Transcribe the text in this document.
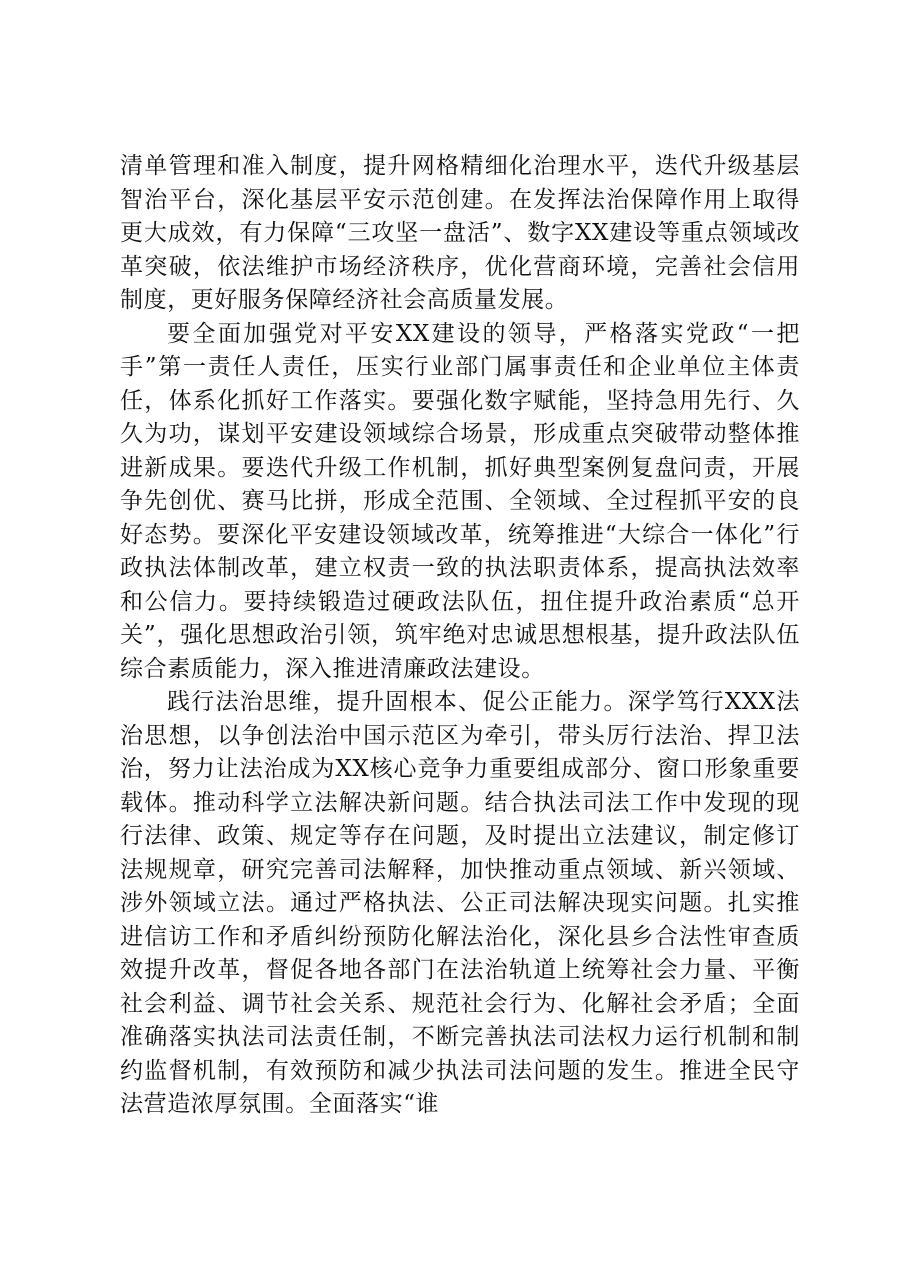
清单管理和准入制度，提升网格精细化治理水平，迭代升级基层智治平台，深化基层平安示范创建。在发挥法治保障作用上取得更大成效，有力保障“三攻坚一盘活”、数字XX建设等重点领域改革突破，依法维护市场经济秩序，优化营商环境，完善社会信用制度，更好服务保障经济社会高质量发展。

要全面加强党对平安XX建设的领导，严格落实党政“一把手”第一责任人责任，压实行业部门属事责任和企业单位主体责任，体系化抓好工作落实。要强化数字赋能，坚持急用先行、久久为功，谋划平安建设领域综合场景，形成重点突破带动整体推进新成果。要迭代升级工作机制，抓好典型案例复盘问责，开展争先创优、赛马比拼，形成全范围、全领域、全过程抓平安的良好态势。要深化平安建设领域改革，统筹推进“大综合一体化”行政执法体制改革，建立权责一致的执法职责体系，提高执法效率和公信力。要持续锻造过硬政法队伍，扭住提升政治素质“总开关”，强化思想政治引领，筑牢绝对忠诚思想根基，提升政法队伍综合素质能力，深入推进清廉政法建设。

践行法治思维，提升固根本、促公正能力。深学笃行XXX法治思想，以争创法治中国示范区为牵引，带头厉行法治、捍卫法治，努力让法治成为XX核心竞争力重要组成部分、窗口形象重要载体。推动科学立法解决新问题。结合执法司法工作中发现的现行法律、政策、规定等存在问题，及时提出立法建议，制定修订法规规章，研究完善司法解释，加快推动重点领域、新兴领域、涉外领域立法。通过严格执法、公正司法解决现实问题。扎实推进信访工作和矛盾纠纷预防化解法治化，深化县乡合法性审查质效提升改革，督促各地各部门在法治轨道上统筹社会力量、平衡社会利益、调节社会关系、规范社会行为、化解社会矛盾；全面准确落实执法司法责任制，不断完善执法司法权力运行机制和制约监督机制，有效预防和减少执法司法问题的发生。推进全民守法营造浓厚氛围。全面落实“谁
